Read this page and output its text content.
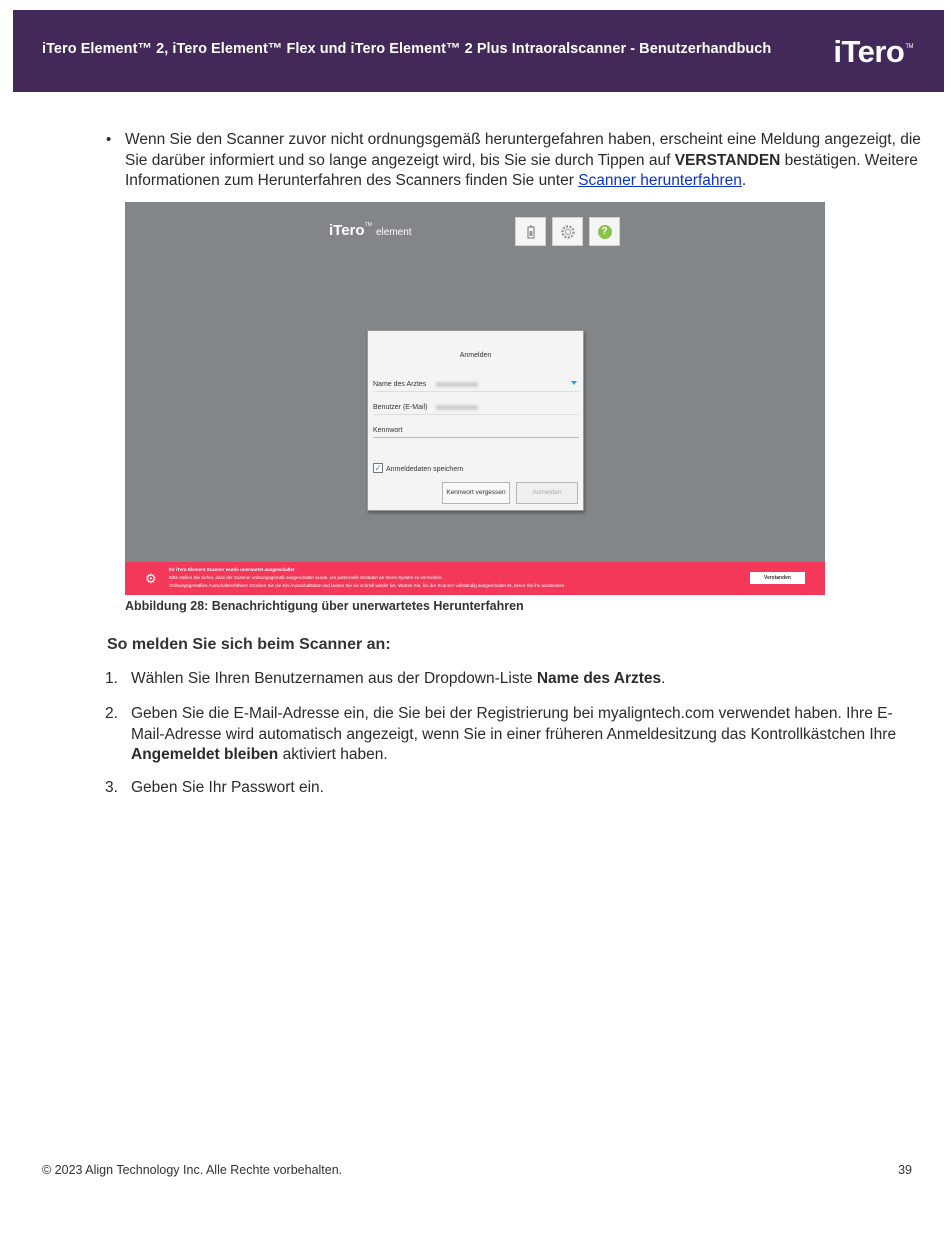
iTero Element™ 2, iTero Element™ Flex und iTero Element™ 2 Plus Intraoralscanner - Benutzerhandbuch iTero™
• Wenn Sie den Scanner zuvor nicht ordnungsgemäß heruntergefahren haben, erscheint eine Meldung angezeigt, die Sie darüber informiert und so lange angezeigt wird, bis Sie sie durch Tippen auf VERSTANDEN bestätigen. Weitere Informationen zum Herunterfahren des Scanners finden Sie unter Scanner herunterfahren.
iTero™ element	?
Anmelden
Name des Arztes
Benutzer (E-Mail)
Kennwort
✓ Anmeldedaten speichern
Kennwort vergessen	Anmelden
⚙
Ihr iTero Element Scanner wurde unerwartet ausgeschaltet
Bitte stellen Sie sicher, dass der Scanner ordnungsgemäß ausgeschaltet wurde, um potenzielle Schäden an Ihrem System zu vermeiden.
Ordnungsgemäßes Ausschaltverfahren: Drücken Sie die Ein-/Ausschalttaste und lassen Sie sie schnell wieder los. Warten Sie, bis der Scanner vollständig ausgeschaltet ist, bevor Sie ihn ausstecken.
Verstanden
Abbildung 28: Benachrichtigung über unerwartetes Herunterfahren
So melden Sie sich beim Scanner an:
1. Wählen Sie Ihren Benutzernamen aus der Dropdown-Liste Name des Arztes.
2. Geben Sie die E-Mail-Adresse ein, die Sie bei der Registrierung bei myaligntech.com verwendet haben. Ihre E-Mail-Adresse wird automatisch angezeigt, wenn Sie in einer früheren Anmeldesitzung das Kontrollkästchen Ihre Angemeldet bleiben aktiviert haben.
3. Geben Sie Ihr Passwort ein.
© 2023 Align Technology Inc. Alle Rechte vorbehalten.	39
